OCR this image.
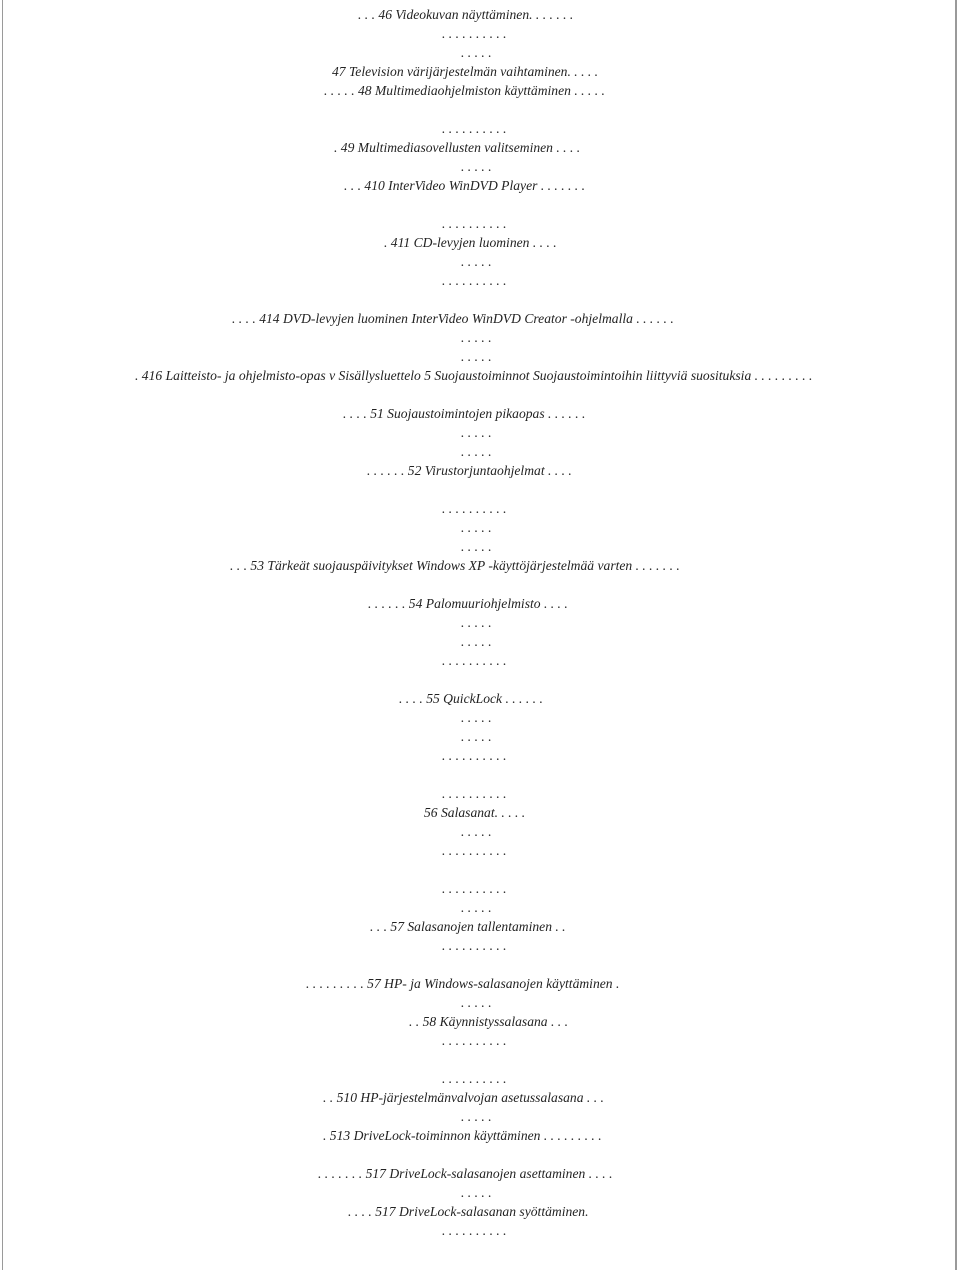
. . . 46 Videokuvan näyttäminen. . . . . . .
. . . . . . . . . .
. . . . .
47 Television värijärjestelmän vaihtaminen. . . . .
. . . . . 48 Multimediaohjelmiston käyttäminen . . . . .
. . . . . . . . . .
. 49 Multimediasovellusten valitseminen . . . .
. . . . .
. . . 410 InterVideo WinDVD Player . . . . . . .
. . . . . . . . . .
. 411 CD-levyjen luominen . . . .
. . . . .
. . . . . . . . . .
. . . . 414 DVD-levyjen luominen InterVideo WinDVD Creator -ohjelmalla . . . . . .
. . . . .
. . . . .
. 416 Laitteisto- ja ohjelmisto-opas v Sisällysluettelo 5 Suojaustoiminnot Suojaustoimintoihin liittyviä suosituksia . . . . . . . . .
. . . . 51 Suojaustoimintojen pikaopas . . . . . .
. . . . .
. . . . .
. . . . . . 52 Virustorjuntaohjelmat . . . .
. . . . . . . . . .
. . . . .
. . . . .
. . . 53 Tärkeät suojauspäivitykset Windows XP -käyttöjärjestelmää varten . . . . . . .
. . . . . . 54 Palomuuriohjelmisto . . . .
. . . . .
. . . . .
. . . . . . . . . .
. . . . 55 QuickLock . . . . . .
. . . . .
. . . . .
. . . . . . . . . .
. . . . . . . . . .
56 Salasanat. . . . .
. . . . .
. . . . . . . . . .
. . . . . . . . . .
. . . . .
. . . 57 Salasanojen tallentaminen . .
. . . . . . . . . .
. . . . . . . . . 57 HP- ja Windows-salasanojen käyttäminen .
. . . . .
. . 58 Käynnistyssalasana . . .
. . . . . . . . . .
. . . . . . . . . .
. . 510 HP-järjestelmänvalvojan asetussalasana . . .
. . . . .
. 513 DriveLock-toiminnon käyttäminen . . . . . . . . .
. . . . . . . 517 DriveLock-salasanojen asettaminen . . . .
. . . . .
. . . . 517 DriveLock-salasanan syöttäminen.
. . . . . . . . . .
